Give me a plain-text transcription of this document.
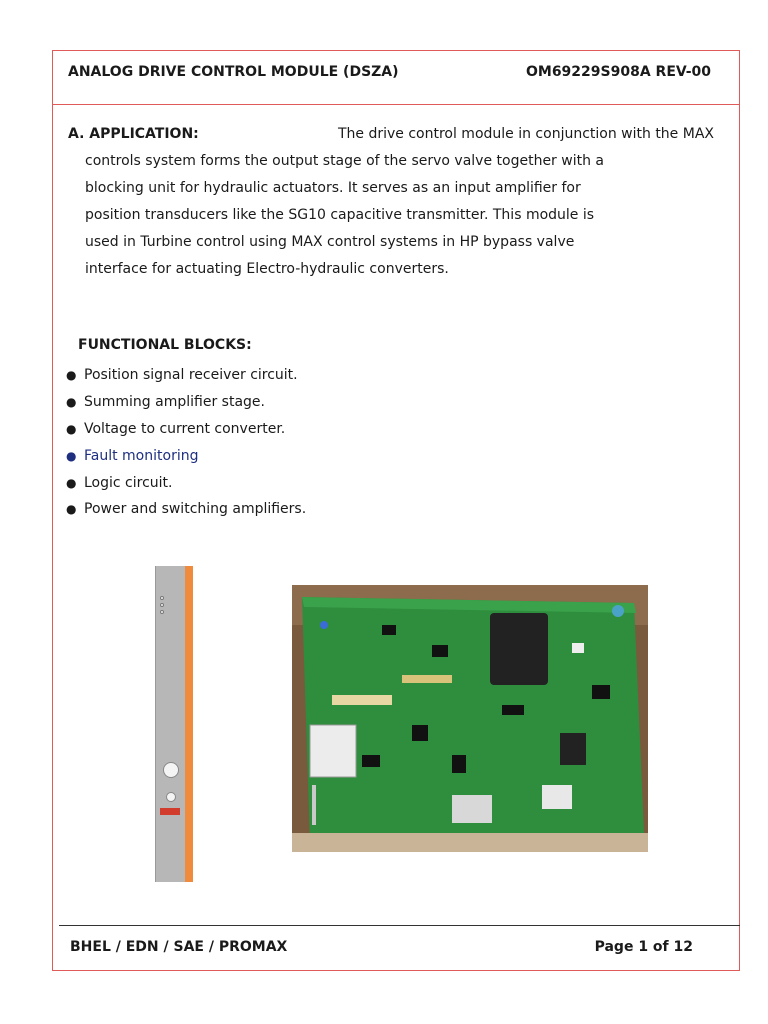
ANALOG DRIVE CONTROL MODULE (DSZA)	OM69229S908A REV-00
A. APPLICATION:	The drive control module in conjunction with the MAX
controls system forms the output stage of the servo valve together with a
blocking unit for hydraulic actuators. It serves as an input amplifier for
position transducers like the SG10 capacitive transmitter. This module is
used in Turbine control using MAX control systems in HP bypass valve
interface for actuating Electro-hydraulic converters.
FUNCTIONAL BLOCKS:
● Position signal receiver circuit.
● Summing amplifier stage.
● Voltage to current converter.
● Fault monitoring
● Logic circuit.
● Power and switching amplifiers.
BHEL / EDN / SAE / PROMAX	Page 1 of 12
